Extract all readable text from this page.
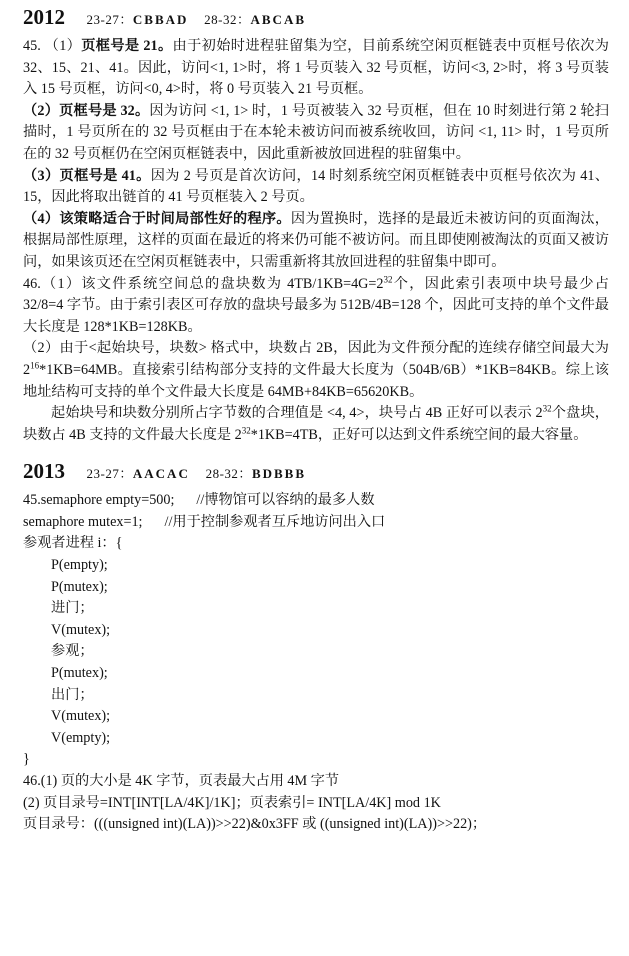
2012 23-27：CBBAD 28-32：ABCAB

45. （1）页框号是 21。由于初始时进程驻留集为空，目前系统空闲页框链表中页框号依次为 32、15、21、41。因此，访问<1, 1>时，将 1 号页装入 32 号页框，访问<3, 2>时，将 3 号页装入 15 号页框，访问<0, 4>时，将 0 号页装入 21 号页框。

（2）页框号是 32。因为访问 <1, 1> 时，1 号页被装入 32 号页框，但在 10 时刻进行第 2 轮扫描时，1 号页所在的 32 号页框由于在本轮未被访问而被系统收回，访问 <1, 11> 时，1 号页所在的 32 号页框仍在空闲页框链表中，因此重新被放回进程的驻留集中。

（3）页框号是 41。因为 2 号页是首次访问，14 时刻系统空闲页框链表中页框号依次为 41、15，因此将取出链首的 41 号页框装入 2 号页。

（4）该策略适合于时间局部性好的程序。因为置换时，选择的是最近未被访问的页面淘汰，根据局部性原理，这样的页面在最近的将来仍可能不被访问。而且即使刚被淘汰的页面又被访问，如果该页还在空闲页框链表中，只需重新将其放回进程的驻留集中即可。

46.（1）该文件系统空间总的盘块数为 $4TB/1KB=4G=2^{32}$个，因此索引表项中块号最少占 32/8=4 字节。由于索引表区可存放的盘块号最多为 512B/4B=128 个，因此可支持的单个文件最大长度是 128*1KB=128KB。

（2）由于<起始块号，块数> 格式中，块数占 2B，因此为文件预分配的连续存储空间最大为 $2^{16}*1KB=64MB$。直接索引结构部分支持的文件最大长度为（504B/6B）*1KB=84KB。综上该地址结构可支持的单个文件最大长度是 64MB+84KB=65620KB。

起始块号和块数分别所占字节数的合理值是 <4, 4>，块号占 4B 正好可以表示 $2^{32}$个盘块，块数占 4B 支持的文件最大长度是 $2^{32}*1KB=4TB$，正好可以达到文件系统空间的最大容量。

2013 23-27：AACAC 28-32：BDBBB

45.semaphore empty=500; //博物馆可以容纳的最多人数

semaphore mutex=1; //用于控制参观者互斥地访问出入口

参观者进程 i：{

P(empty);

P(mutex);

进门；

V(mutex);

参观；

P(mutex);

出门；

V(mutex);

V(empty);

}

46.(1) 页的大小是 4K 字节，页表最大占用 4M 字节

(2) 页目录号=INT[INT[LA/4K]/1K]；页表索引= INT[LA/4K] mod 1K

页目录号：(((unsigned int)(LA))>>22)&0x3FF 或 ((unsigned int)(LA))>>22)；
